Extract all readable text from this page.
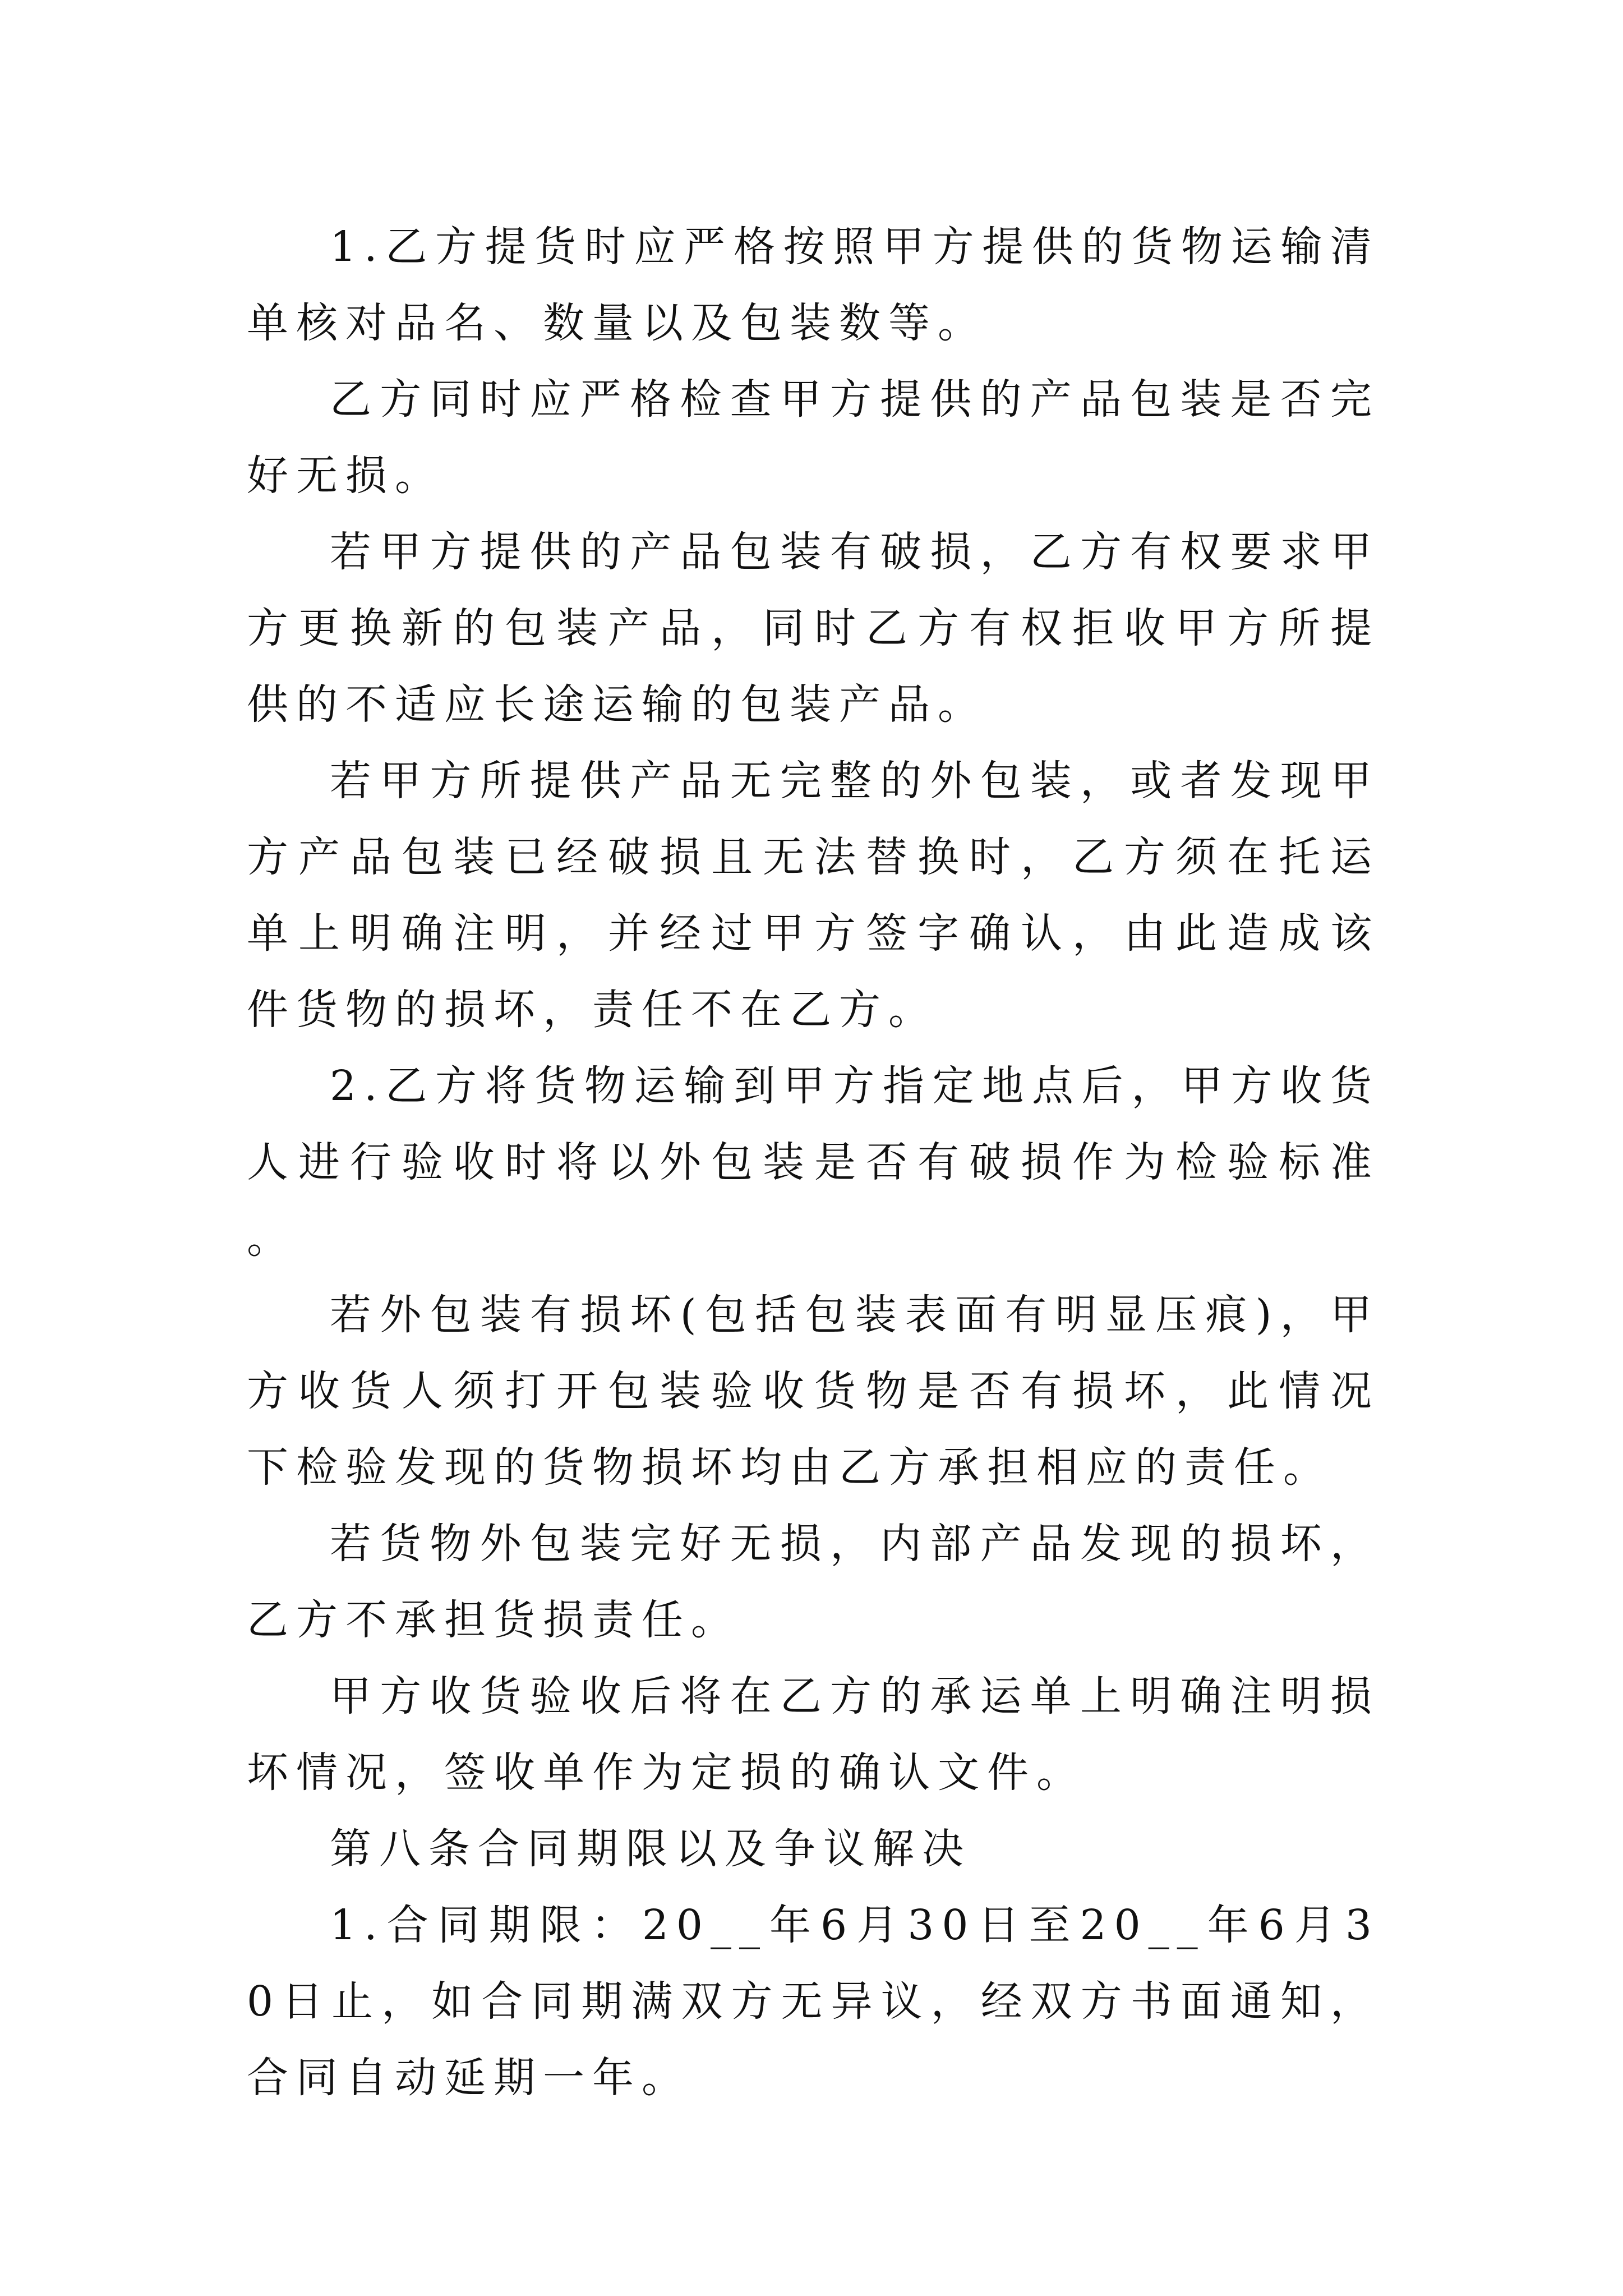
1.乙方提货时应严格按照甲方提供的货物运输清单核对品名、数量以及包装数等。

乙方同时应严格检查甲方提供的产品包装是否完好无损。

若甲方提供的产品包装有破损，乙方有权要求甲方更换新的包装产品，同时乙方有权拒收甲方所提供的不适应长途运输的包装产品。

若甲方所提供产品无完整的外包装，或者发现甲方产品包装已经破损且无法替换时，乙方须在托运单上明确注明，并经过甲方签字确认，由此造成该件货物的损坏，责任不在乙方。

2.乙方将货物运输到甲方指定地点后，甲方收货人进行验收时将以外包装是否有破损作为检验标准。

若外包装有损坏(包括包装表面有明显压痕)，甲方收货人须打开包装验收货物是否有损坏，此情况下检验发现的货物损坏均由乙方承担相应的责任。

若货物外包装完好无损，内部产品发现的损坏，乙方不承担货损责任。

甲方收货验收后将在乙方的承运单上明确注明损坏情况，签收单作为定损的确认文件。

第八条合同期限以及争议解决

1.合同期限：20__年6月30日至20__年6月30日止，如合同期满双方无异议，经双方书面通知，合同自动延期一年。
